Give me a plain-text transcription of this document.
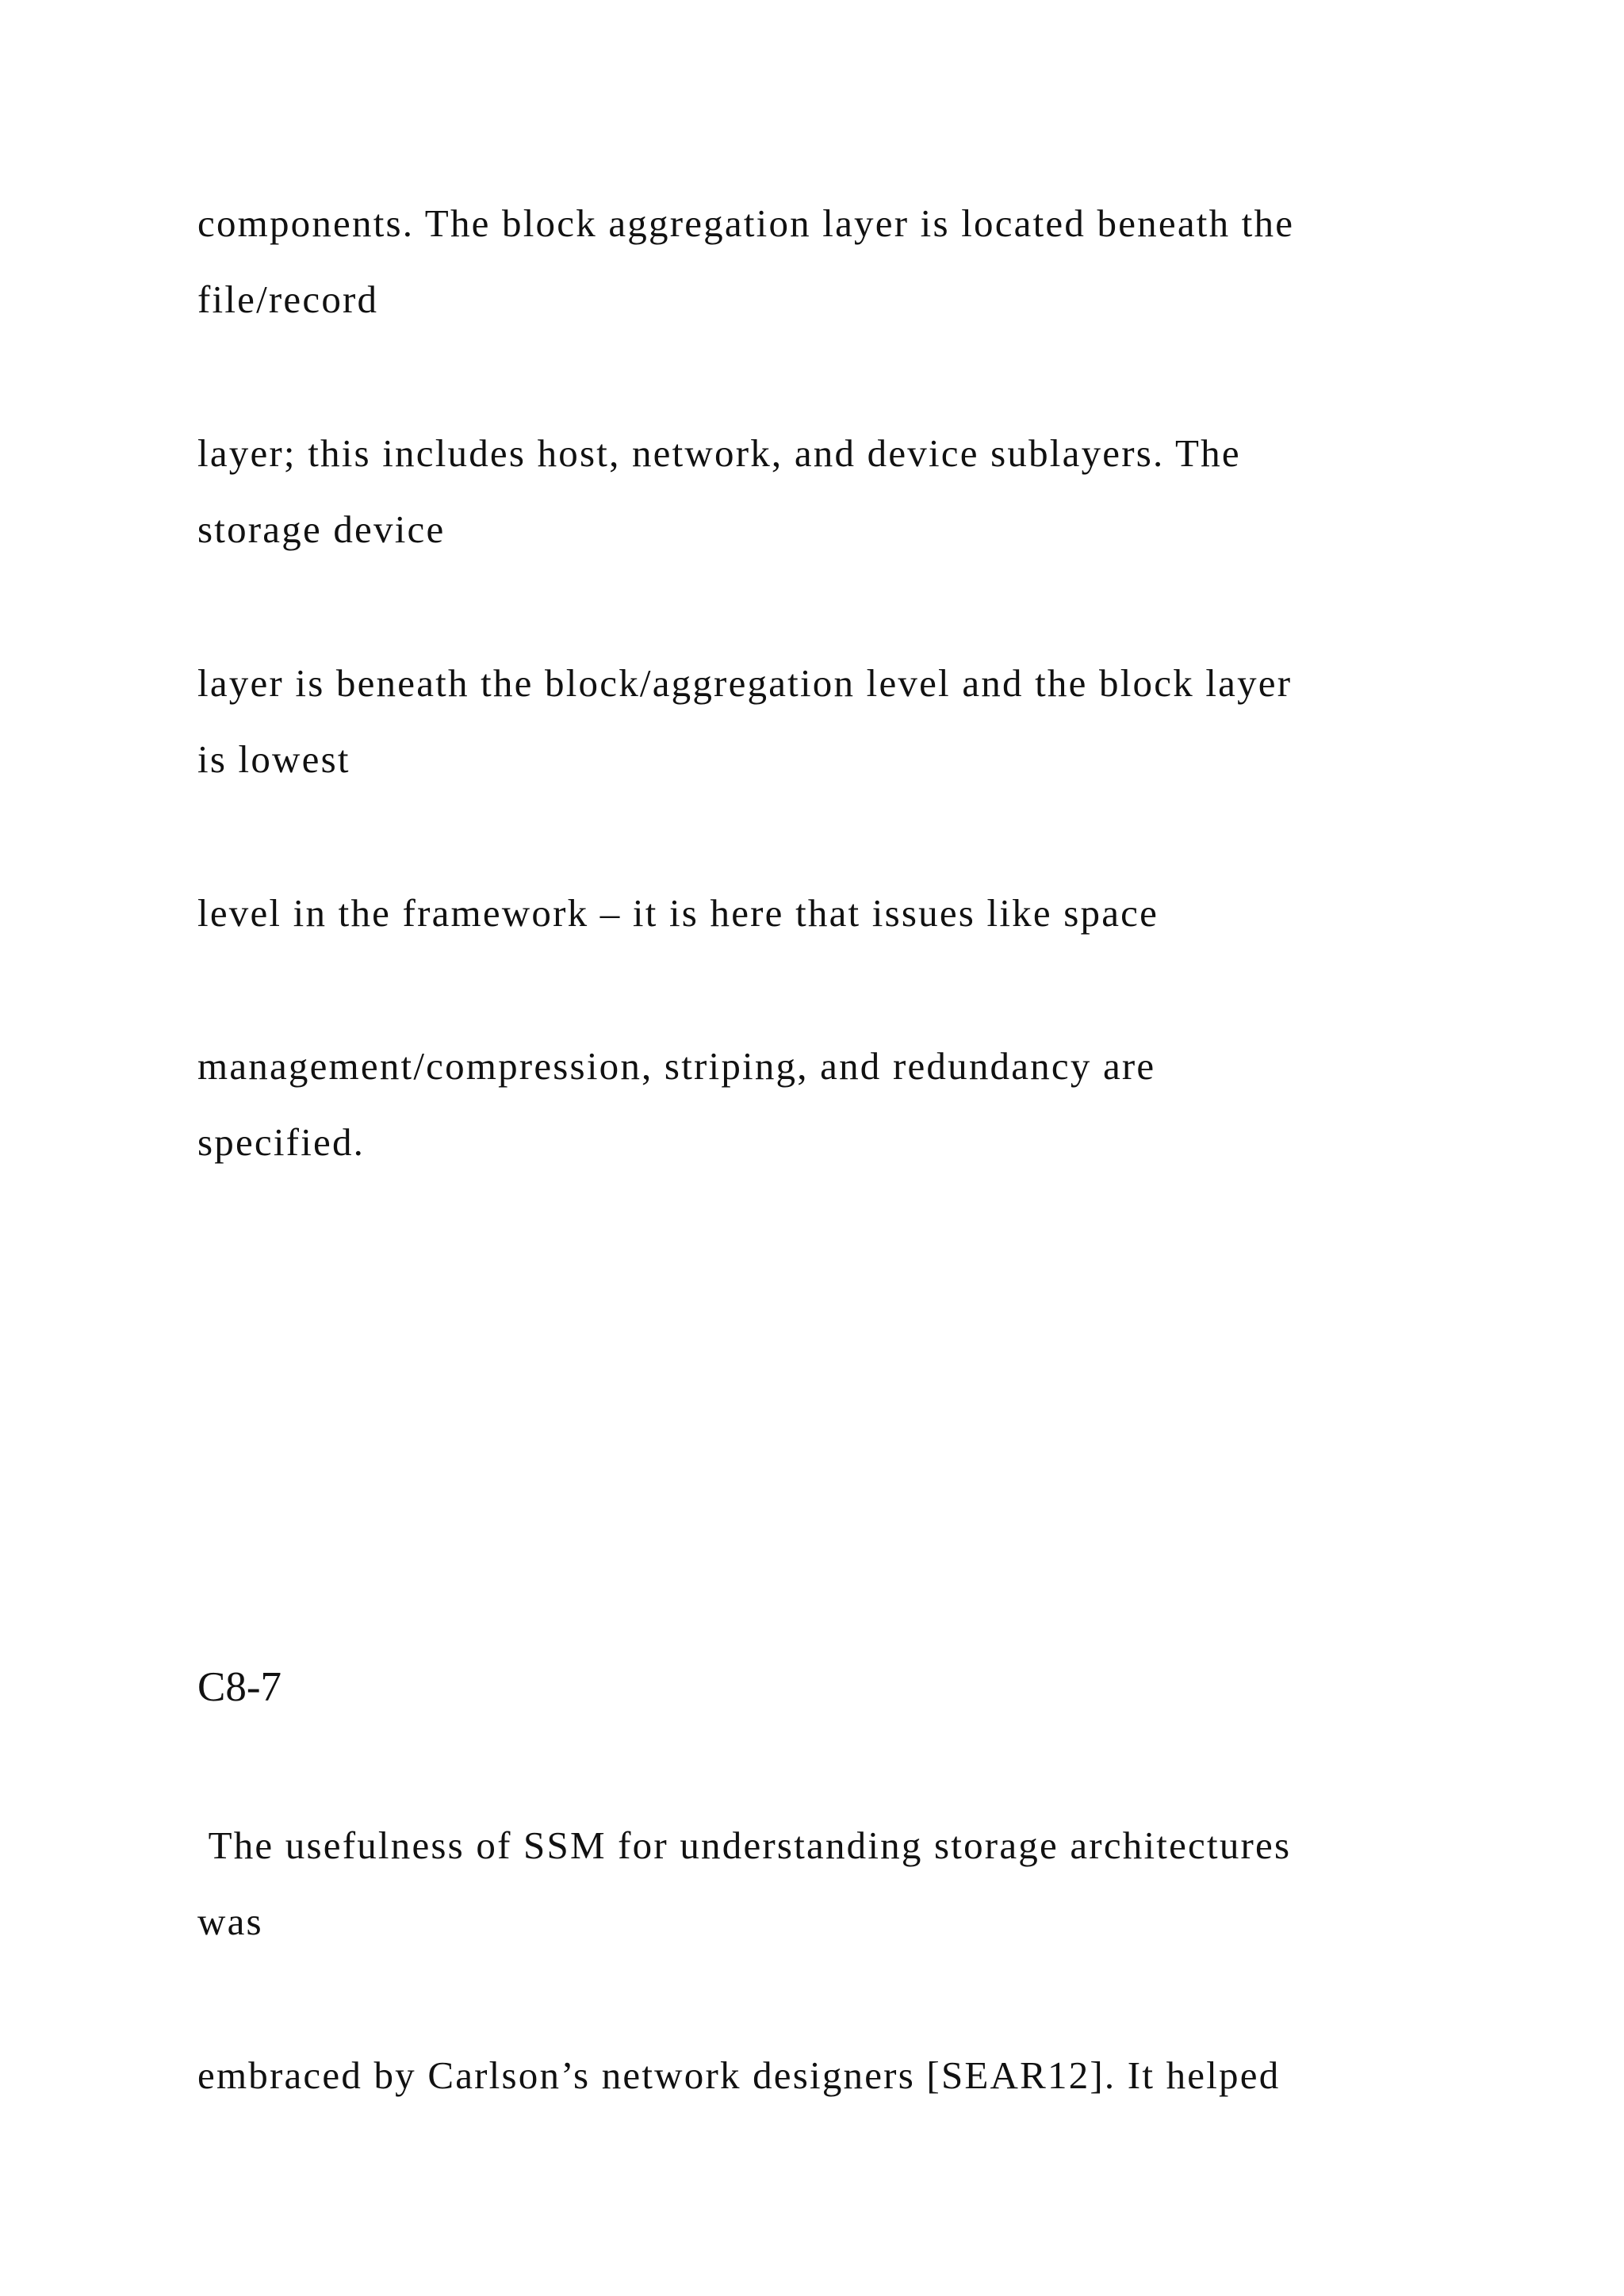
components. The block aggregation layer is located beneath the
file/record

layer; this includes host, network, and device sublayers. The
storage device

layer is beneath the block/aggregation level and the block layer
is lowest

level in the framework – it is here that issues like space

management/compression, striping, and redundancy are
specified.

C8-7

The usefulness of SSM for understanding storage architectures
was

embraced by Carlson’s network designers [SEAR12]. It helped
